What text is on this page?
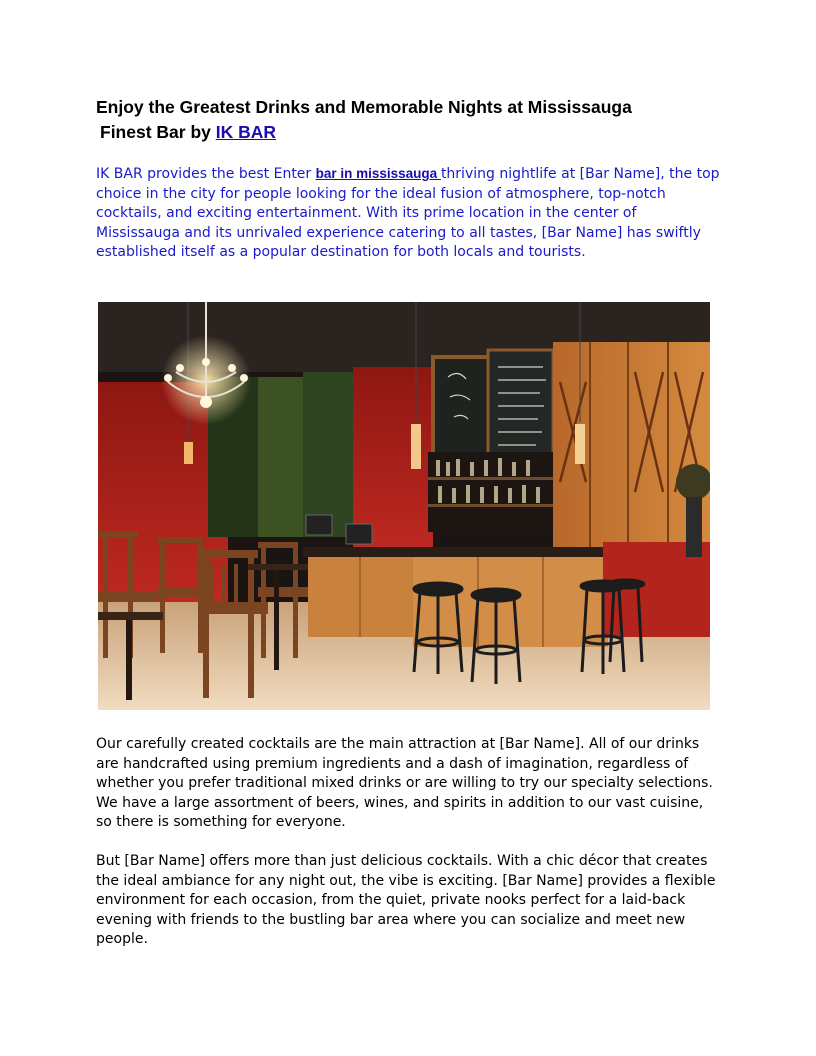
Enjoy the Greatest Drinks and Memorable Nights at Mississauga
Finest Bar by IK BAR

IK BAR provides the best Enter bar in mississauga thriving nightlife at [Bar Name], the top choice in the city for people looking for the ideal fusion of atmosphere, top-notch cocktails, and exciting entertainment. With its prime location in the center of Mississauga and its unrivaled experience catering to all tastes, [Bar Name] has swiftly established itself as a popular destination for both locals and tourists.

Our carefully created cocktails are the main attraction at [Bar Name]. All of our drinks are handcrafted using premium ingredients and a dash of imagination, regardless of whether you prefer traditional mixed drinks or are willing to try our specialty selections. We have a large assortment of beers, wines, and spirits in addition to our vast cuisine, so there is something for everyone.

But [Bar Name] offers more than just delicious cocktails. With a chic décor that creates the ideal ambiance for any night out, the vibe is exciting. [Bar Name] provides a flexible environment for each occasion, from the quiet, private nooks perfect for a laid-back evening with friends to the bustling bar area where you can socialize and meet new people.
